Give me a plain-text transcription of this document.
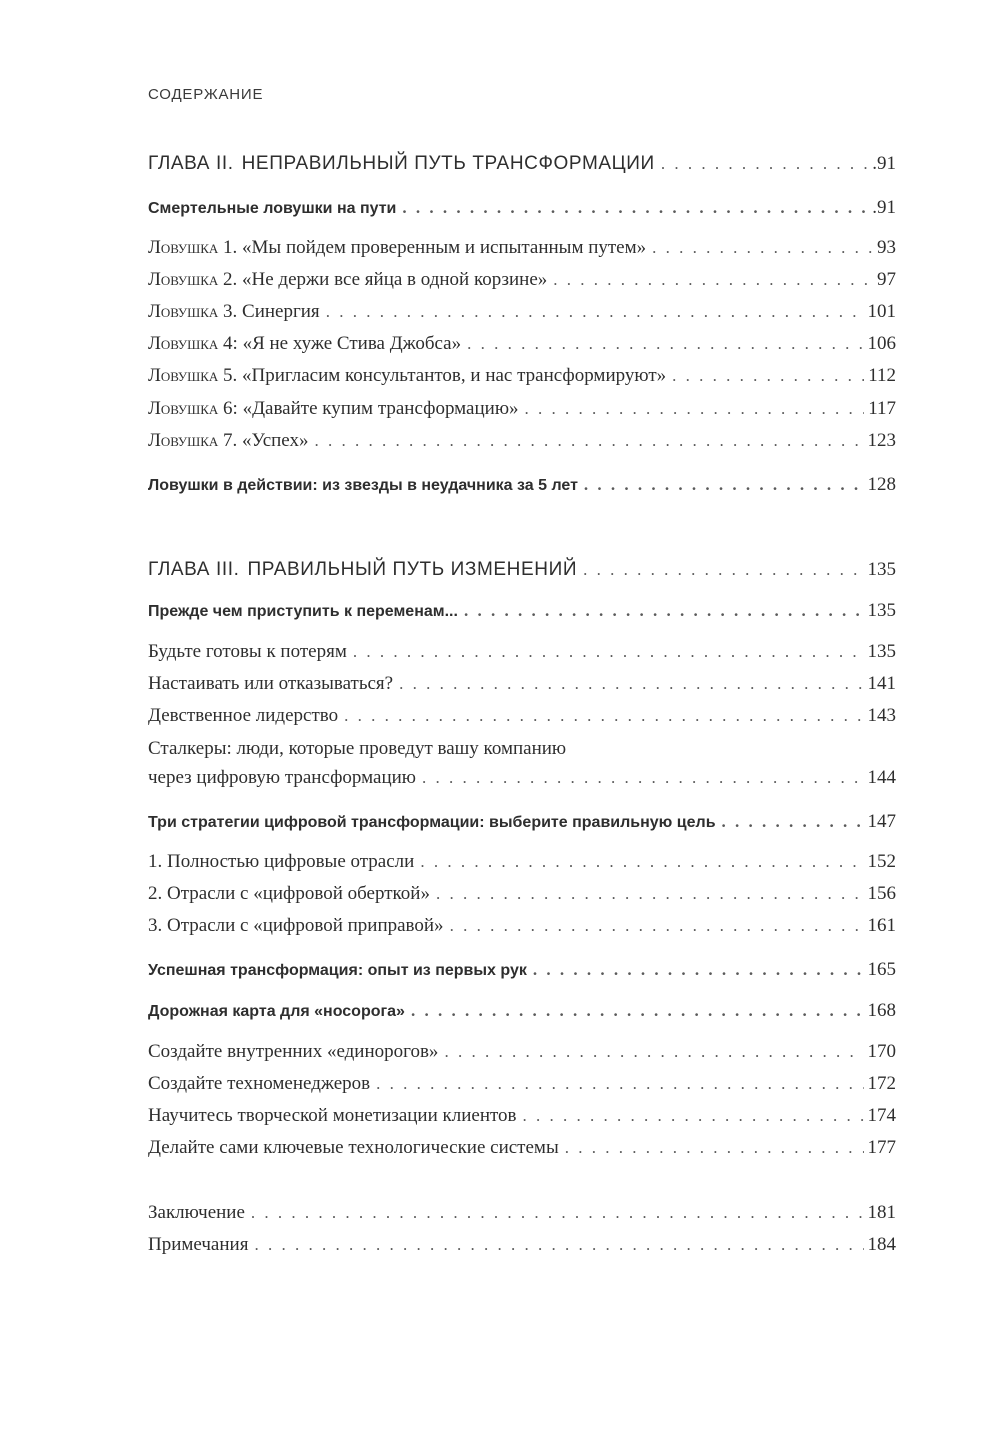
СОДЕРЖАНИЕ
ГЛАВА II. НЕПРАВИЛЬНЫЙ ПУТЬ ТРАНСФОРМАЦИИ . . .	.91
Смертельные ловушки на пути . . .	.91
Ловушка 1. «Мы пойдем проверенным и испытанным путем» . . .	93
Ловушка 2. «Не держи все яйца в одной корзине» . . .	97
Ловушка 3. Синергия . . .	101
Ловушка 4: «Я не хуже Стива Джобса» . . .	106
Ловушка 5. «Пригласим консультантов, и нас трансформируют» . . .	112
Ловушка 6: «Давайте купим трансформацию» . . .	117
Ловушка 7. «Успех» . . .	123
Ловушки в действии: из звезды в неудачника за 5 лет . . .	128
ГЛАВА III. ПРАВИЛЬНЫЙ ПУТЬ ИЗМЕНЕНИЙ . . .	135
Прежде чем приступить к переменам... . . .	135
Будьте готовы к потерям . . .	135
Настаивать или отказываться? . . .	141
Девственное лидерство . . .	143
Сталкеры: люди, которые проведут вашу компанию
через цифровую трансформацию . . .	144
Три стратегии цифровой трансформации: выберите правильную цель . . .	147
1. Полностью цифровые отрасли . . .	152
2. Отрасли с «цифровой оберткой» . . .	156
3. Отрасли с «цифровой приправой» . . .	161
Успешная трансформация: опыт из первых рук . . .	165
Дорожная карта для «носорога» . . .	168
Создайте внутренних «единорогов» . . .	170
Создайте техноменеджеров . . .	172
Научитесь творческой монетизации клиентов . . .	174
Делайте сами ключевые технологические системы . . .	177
Заключение . . .	181
Примечания . . .	184
